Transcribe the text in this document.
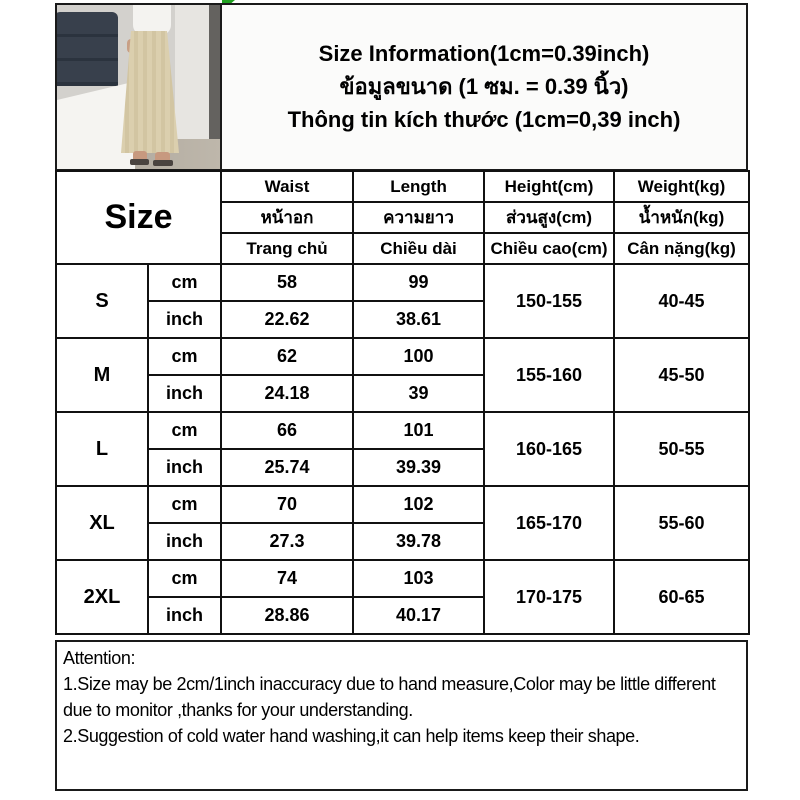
Size Information(1cm=0.39inch)
ข้อมูลขนาด (1 ซม. = 0.39 นิ้ว)
Thông tin kích thước (1cm=0,39 inch)
Size		Waist	Length	Height(cm)	Weight(kg)
		หน้าอก	ความยาว	ส่วนสูง(cm)	น้ำหนัก(kg)
		Trang chủ	Chiều dài	Chiều cao(cm)	Cân nặng(kg)
S	cm	58	99	150-155	40-45
	inch	22.62	38.61		
M	cm	62	100	155-160	45-50
	inch	24.18	39		
L	cm	66	101	160-165	50-55
	inch	25.74	39.39		
XL	cm	70	102	165-170	55-60
	inch	27.3	39.78		
2XL	cm	74	103	170-175	60-65
	inch	28.86	40.17		
Attention:
1.Size may be 2cm/1inch inaccuracy due to hand measure,Color may be little different due to monitor ,thanks for your understanding.
2.Suggestion of cold water hand washing,it can help items keep their shape.
